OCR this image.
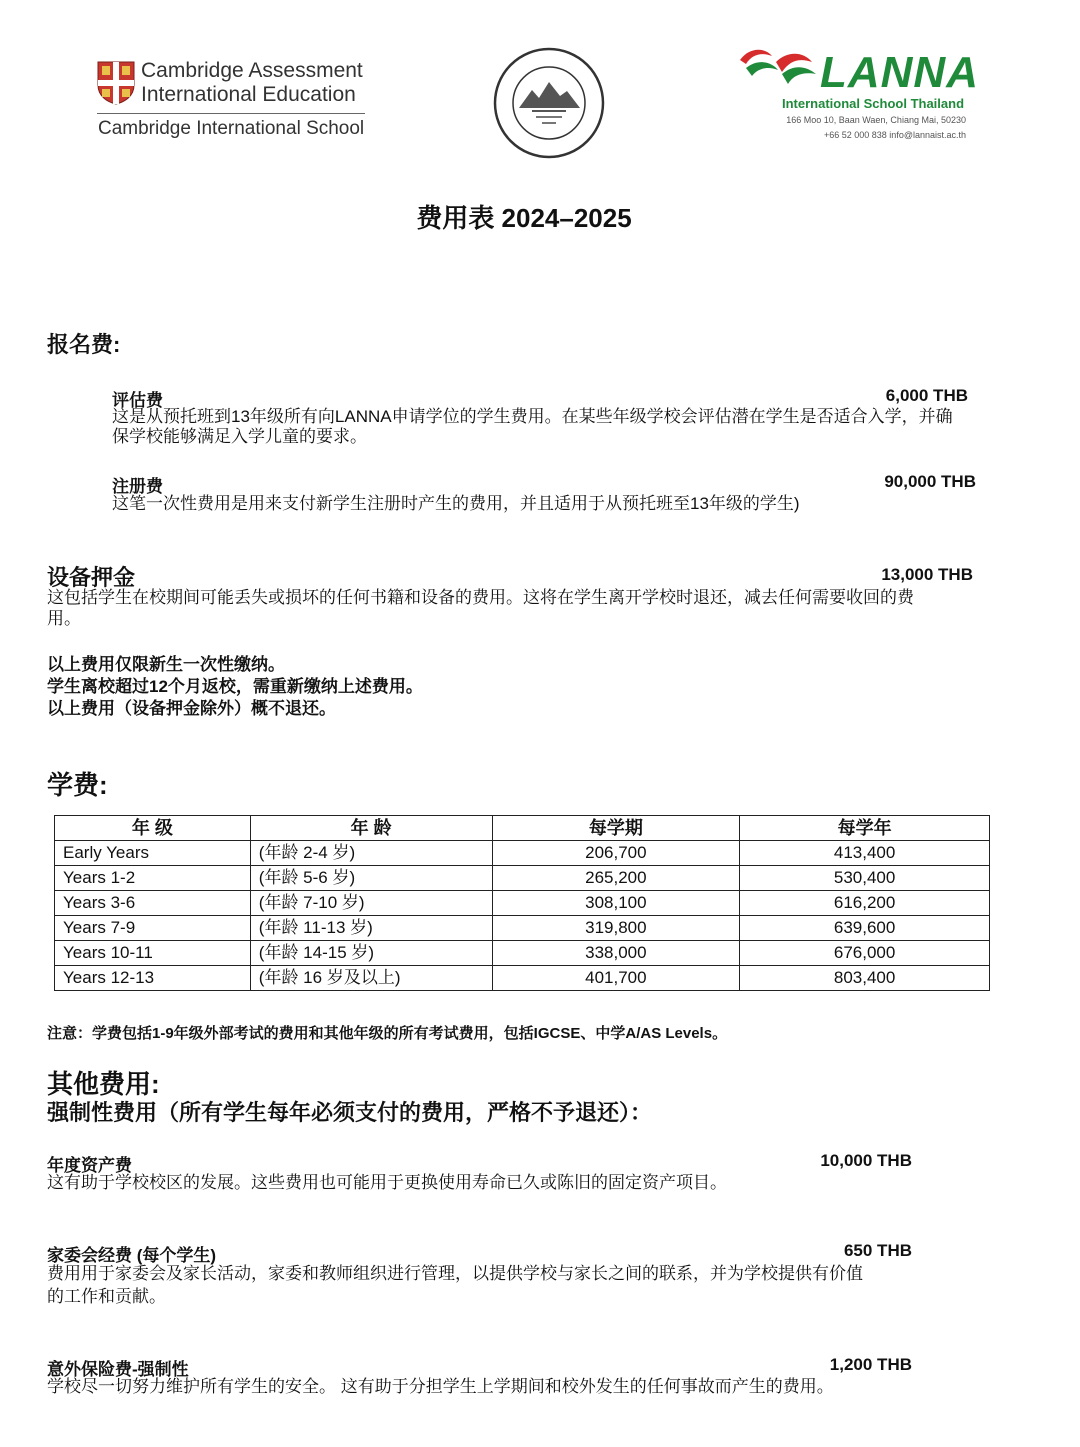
Cambridge Assessment
International Education
Cambridge International School
LANNA
International School Thailand
166 Moo 10, Baan Waen, Chiang Mai, 50230
+66 52 000 838 info@lannaist.ac.th
费用表 2024–2025
报名费:
评估费	6,000 THB
这是从预托班到13年级所有向LANNA申请学位的学生费用。在某些年级学校会评估潜在学生是否适合入学，并确
保学校能够满足入学儿童的要求。
注册费	90,000 THB
这笔一次性费用是用来支付新学生注册时产生的费用，并且适用于从预托班至13年级的学生)
设备押金	13,000 THB
这包括学生在校期间可能丢失或损坏的任何书籍和设备的费用。这将在学生离开学校时退还，减去任何需要收回的费
用。
以上费用仅限新生一次性缴纳。
学生离校超过12个月返校，需重新缴纳上述费用。
以上费用（设备押金除外）概不退还。
学费:
年 级	年 龄	每学期	每学年
Early Years	(年龄 2-4 岁)	206,700	413,400
Years 1-2	(年龄 5-6 岁)	265,200	530,400
Years 3-6	(年龄 7-10 岁)	308,100	616,200
Years 7-9	(年龄 11-13 岁)	319,800	639,600
Years 10-11	(年龄 14-15 岁)	338,000	676,000
Years 12-13	(年龄 16 岁及以上)	401,700	803,400
注意：学费包括1-9年级外部考试的费用和其他年级的所有考试费用，包括IGCSE、中学A/AS Levels。
其他费用:
强制性费用（所有学生每年必须支付的费用，严格不予退还）：
年度资产费	10,000 THB
这有助于学校校区的发展。这些费用也可能用于更换使用寿命已久或陈旧的固定资产项目。
家委会经费 (每个学生)	650 THB
费用用于家委会及家长活动，家委和教师组织进行管理，以提供学校与家长之间的联系，并为学校提供有价值
的工作和贡献。
意外保险费-强制性	1,200 THB
学校尽一切努力维护所有学生的安全。 这有助于分担学生上学期间和校外发生的任何事故而产生的费用。
